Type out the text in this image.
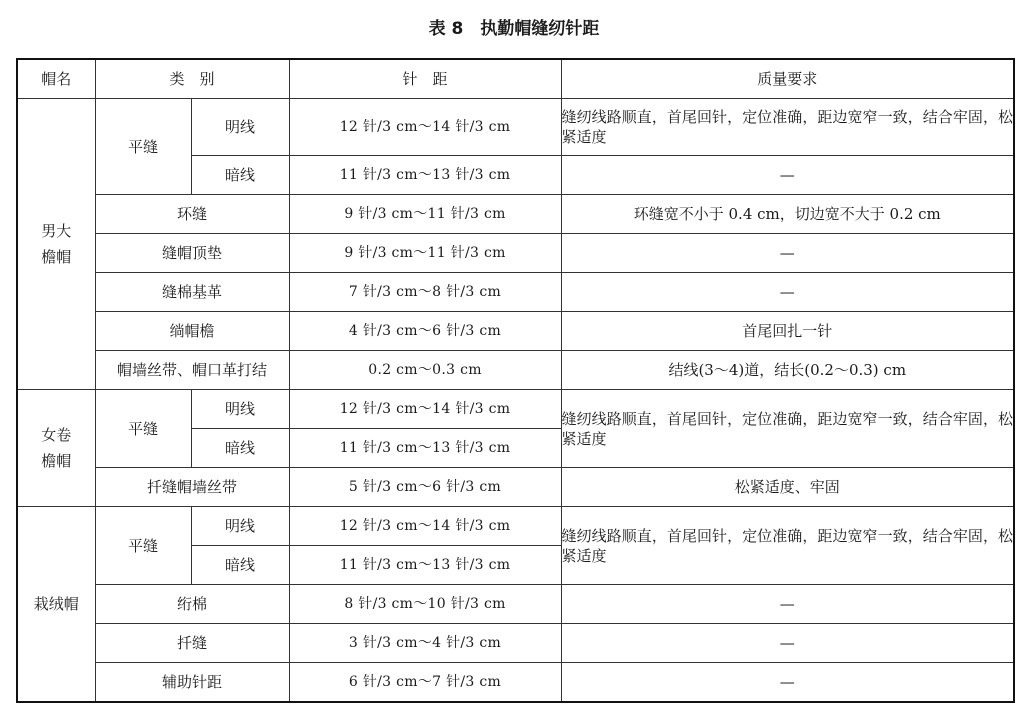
表 8　执勤帽缝纫针距
帽名	类　别		针　距	质量要求

男大檐帽	平缝	明线	12 针/3 cm～14 针/3 cm	缝纫线路顺直，首尾回针，定位准确，距边宽窄一致，结合牢固，松紧适度
		暗线	11 针/3 cm～13 针/3 cm	—
	环缝		9 针/3 cm～11 针/3 cm	环缝宽不小于 0.4 cm，切边宽不大于 0.2 cm
	缝帽顶垫		9 针/3 cm～11 针/3 cm	—
	缝棉基革		7 针/3 cm～8 针/3 cm	—
	绱帽檐		4 针/3 cm～6 针/3 cm	首尾回扎一针
	帽墙丝带、帽口革打结		0.2 cm～0.3 cm	结线(3～4)道，结长(0.2～0.3) cm

女卷檐帽	平缝	明线	12 针/3 cm～14 针/3 cm	缝纫线路顺直，首尾回针，定位准确，距边宽窄一致，结合牢固，松紧适度
		暗线	11 针/3 cm～13 针/3 cm	
	扦缝帽墙丝带		5 针/3 cm～6 针/3 cm	松紧适度、牢固
栽绒帽	平缝	明线	12 针/3 cm～14 针/3 cm	缝纫线路顺直，首尾回针，定位准确，距边宽窄一致，结合牢固，松紧适度
		暗线	11 针/3 cm～13 针/3 cm	
	绗棉		8 针/3 cm～10 针/3 cm	—
	扦缝		3 针/3 cm～4 针/3 cm	—
	辅助针距		6 针/3 cm～7 针/3 cm	—
